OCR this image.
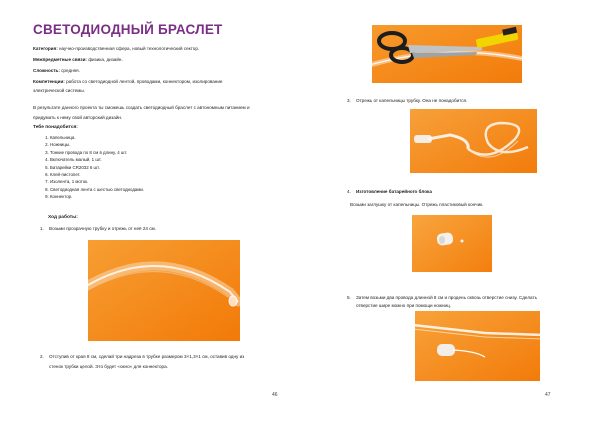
СВЕТОДИОДНЫЙ БРАСЛЕТ
Категория: научно-производственная сфера, новый технологический сектор.
Межпредметные связи: физика, дизайн.
Сложность: средняя.
Компетенции: работа со светодиодной лентой, проводами, коннектором, изолирование
электрической системы.
В результате данного проекта ты сможешь создать светодиодный браслет с автономным питанием и
придумать к нему свой авторский дизайн.
Тебе понадобится:
1. Капельница.
2. Ножницы.
3. Тонкие провода по 8 см в длину, 4 шт.
4. Включатель малый, 1 шт.
5. Батарейки CR2032 6 шт.
6. Клей-пистолет.
7. Изолента, 1 моток.
8. Светодиодная лента с шестью светодиодами.
9. Коннектор.
Ход работы:
1. Возьми прозрачную трубку и отрежь от неё 24 см.
2. Отступив от края 8 см, сделай три надреза в трубке размером 3×1,3×1 см, оставив одну из
стенок трубки целой. Это будет «окно» для коннектора.
46
3. Отрежь от капельницы трубку. Она не понадобится.
4. Изготовление батарейного блока
Возьми заглушку от капельницы. Отрежь пластиковый кончик.
5. Затем возьми два провода длинной 8 см и продень сквозь отверстие снизу. Сделать
отверстие шире можно при помощи ножниц.
47
